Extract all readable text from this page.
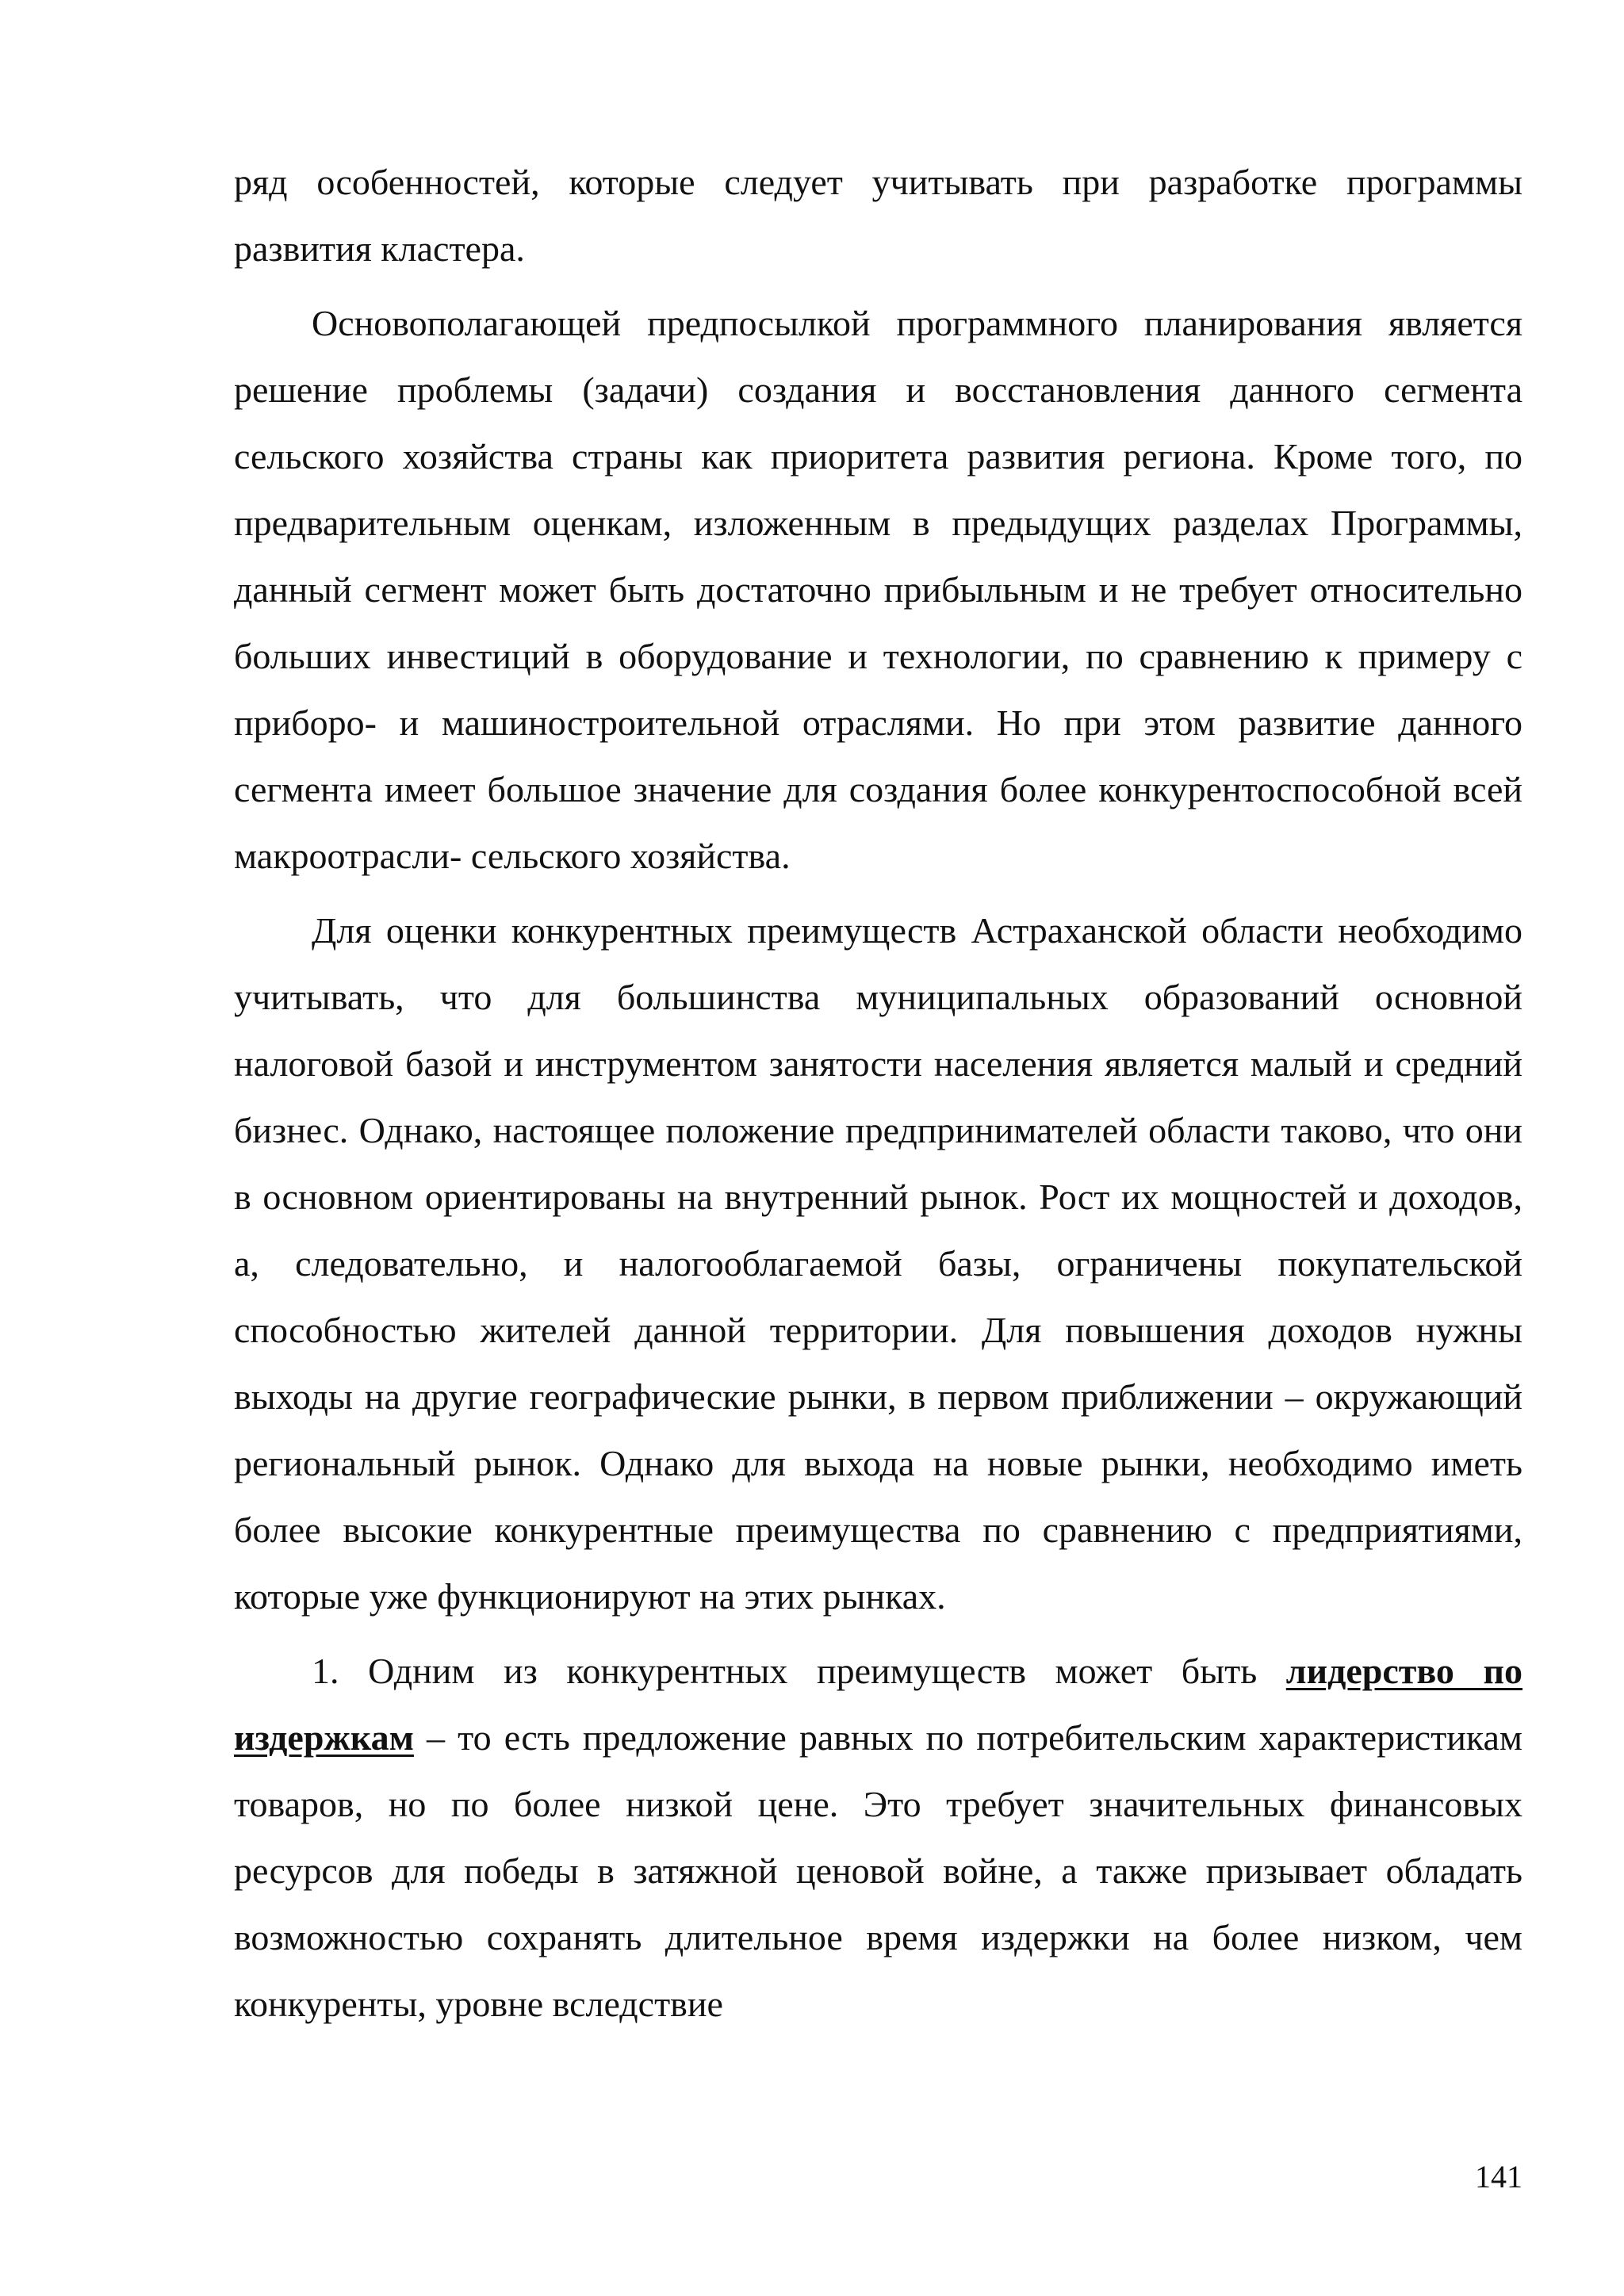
ряд особенностей, которые следует учитывать при разработке программы развития кластера.

Основополагающей предпосылкой программного планирования является решение проблемы (задачи) создания и восстановления данного сегмента сельского хозяйства страны как приоритета развития региона. Кроме того, по предварительным оценкам, изложенным в предыдущих разделах Программы, данный сегмент может быть достаточно прибыльным и не требует относительно больших инвестиций в оборудование и технологии, по сравнению к примеру с приборо- и машиностроительной отраслями. Но при этом развитие данного сегмента имеет большое значение для создания более конкурентоспособной всей макроотрасли- сельского хозяйства.

Для оценки конкурентных преимуществ Астраханской области необходимо учитывать, что для большинства муниципальных образований основной налоговой базой и инструментом занятости населения является малый и средний бизнес. Однако, настоящее положение предпринимателей области таково, что они в основном ориентированы на внутренний рынок. Рост их мощностей и доходов, а, следовательно, и налогооблагаемой базы, ограничены покупательской способностью жителей данной территории. Для повышения доходов нужны выходы на другие географические рынки, в первом приближении – окружающий региональный рынок. Однако для выхода на новые рынки, необходимо иметь более высокие конкурентные преимущества по сравнению с предприятиями, которые уже функционируют на этих рынках.

1. Одним из конкурентных преимуществ может быть лидерство по издержкам – то есть предложение равных по потребительским характеристикам товаров, но по более низкой цене. Это требует значительных финансовых ресурсов для победы в затяжной ценовой войне, а также призывает обладать возможностью сохранять длительное время издержки на более низком, чем конкуренты, уровне вследствие

141
